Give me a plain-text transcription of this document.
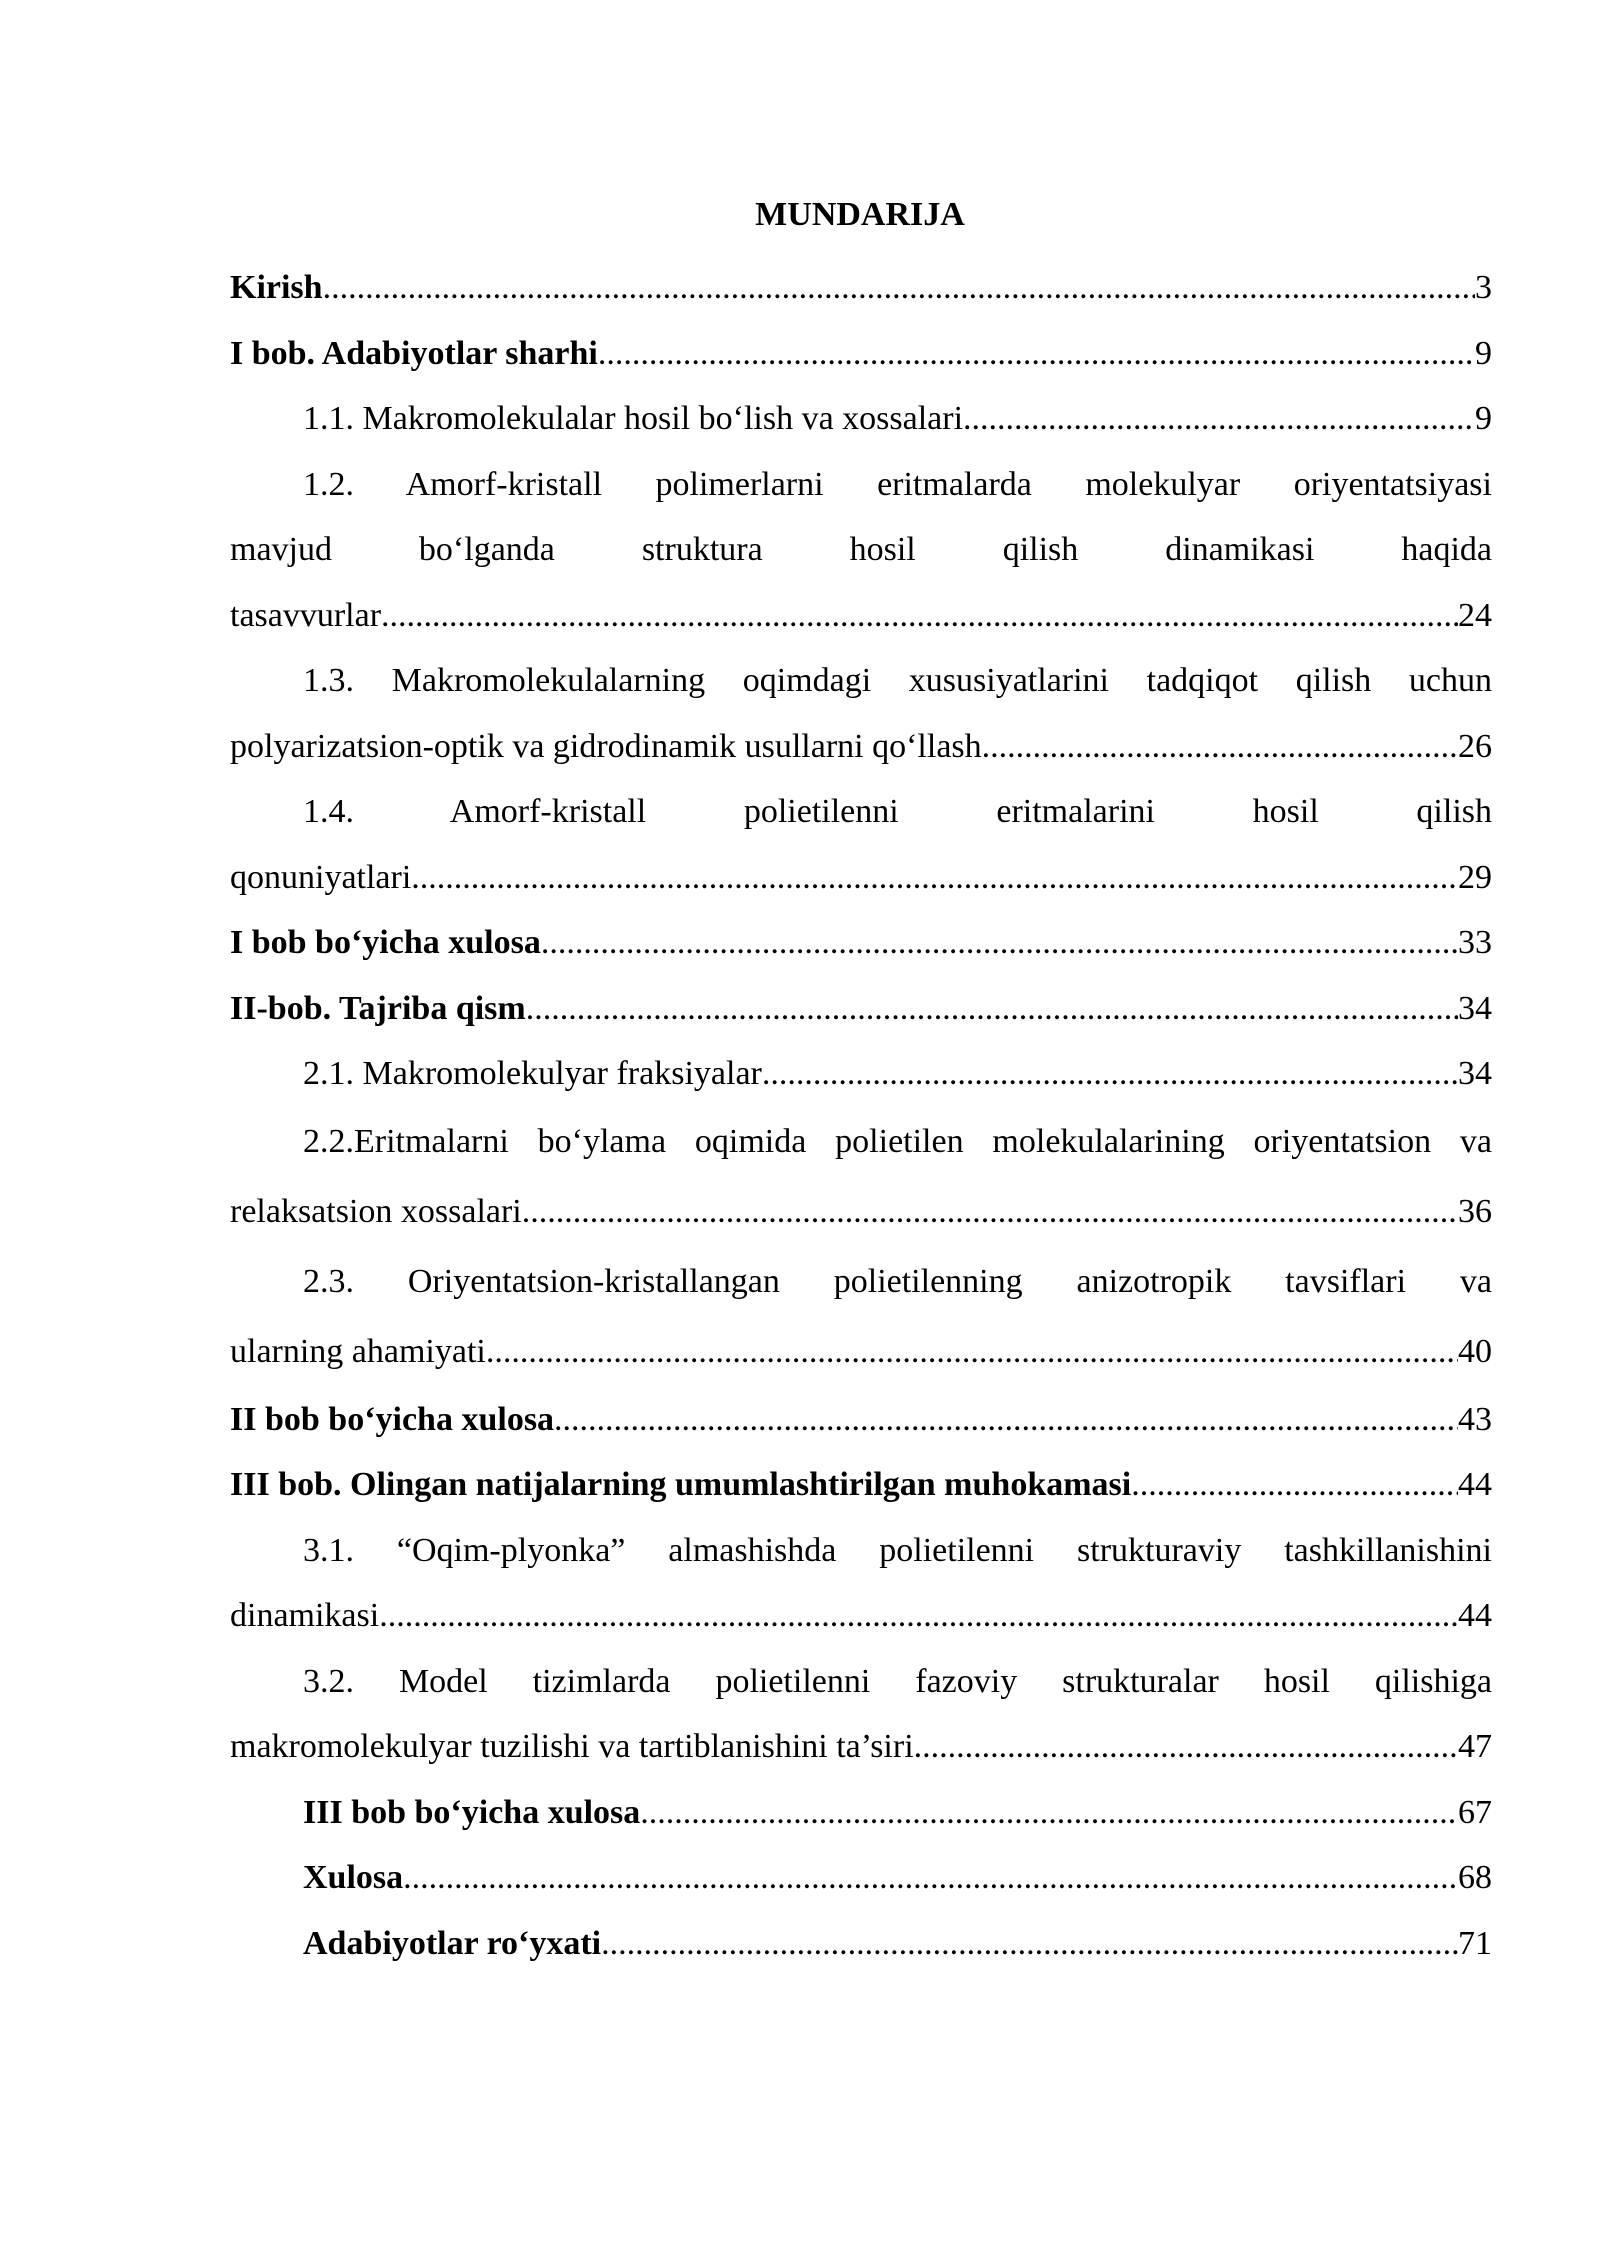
MUNDARIJA
Kirish .....	3
I bob. Adabiyotlar sharhi .....	9
1.1. Makromolekulalar hosil bo‘lish va xossalari .....	9
1.2. Amorf-kristall polimerlarni eritmalarda molekulyar oriyentatsiyasi
mavjud bo‘lganda struktura hosil qilish dinamikasi haqida
tasavvurlar .....	24
1.3. Makromolekulalarning oqimdagi xususiyatlarini tadqiqot qilish uchun
polyarizatsion-optik va gidrodinamik usullarni qo‘llash .....	26
1.4. Amorf-kristall polietilenni eritmalarini hosil qilish
qonuniyatlari .....	29
I bob bo‘yicha xulosa .....	33
II-bob. Tajriba qism .....	34
2.1. Makromolekulyar fraksiyalar .....	34
2.2.Eritmalarni bo‘ylama oqimida polietilen molekulalarining oriyentatsion va
relaksatsion xossalari .....	36
2.3. Oriyentatsion-kristallangan polietilenning anizotropik tavsiflari va
ularning ahamiyati .....	40
II bob bo‘yicha xulosa .....	43
III bob. Olingan natijalarning umumlashtirilgan muhokamasi .....	44
3.1. “Oqim-plyonka” almashishda polietilenni strukturaviy tashkillanishini
dinamikasi .....	44
3.2. Model tizimlarda polietilenni fazoviy strukturalar hosil qilishiga
makromolekulyar tuzilishi va tartiblanishini ta’siri .....	47
III bob bo‘yicha xulosa .....	67
Xulosa .....	68
Adabiyotlar ro‘yxati .....	71
